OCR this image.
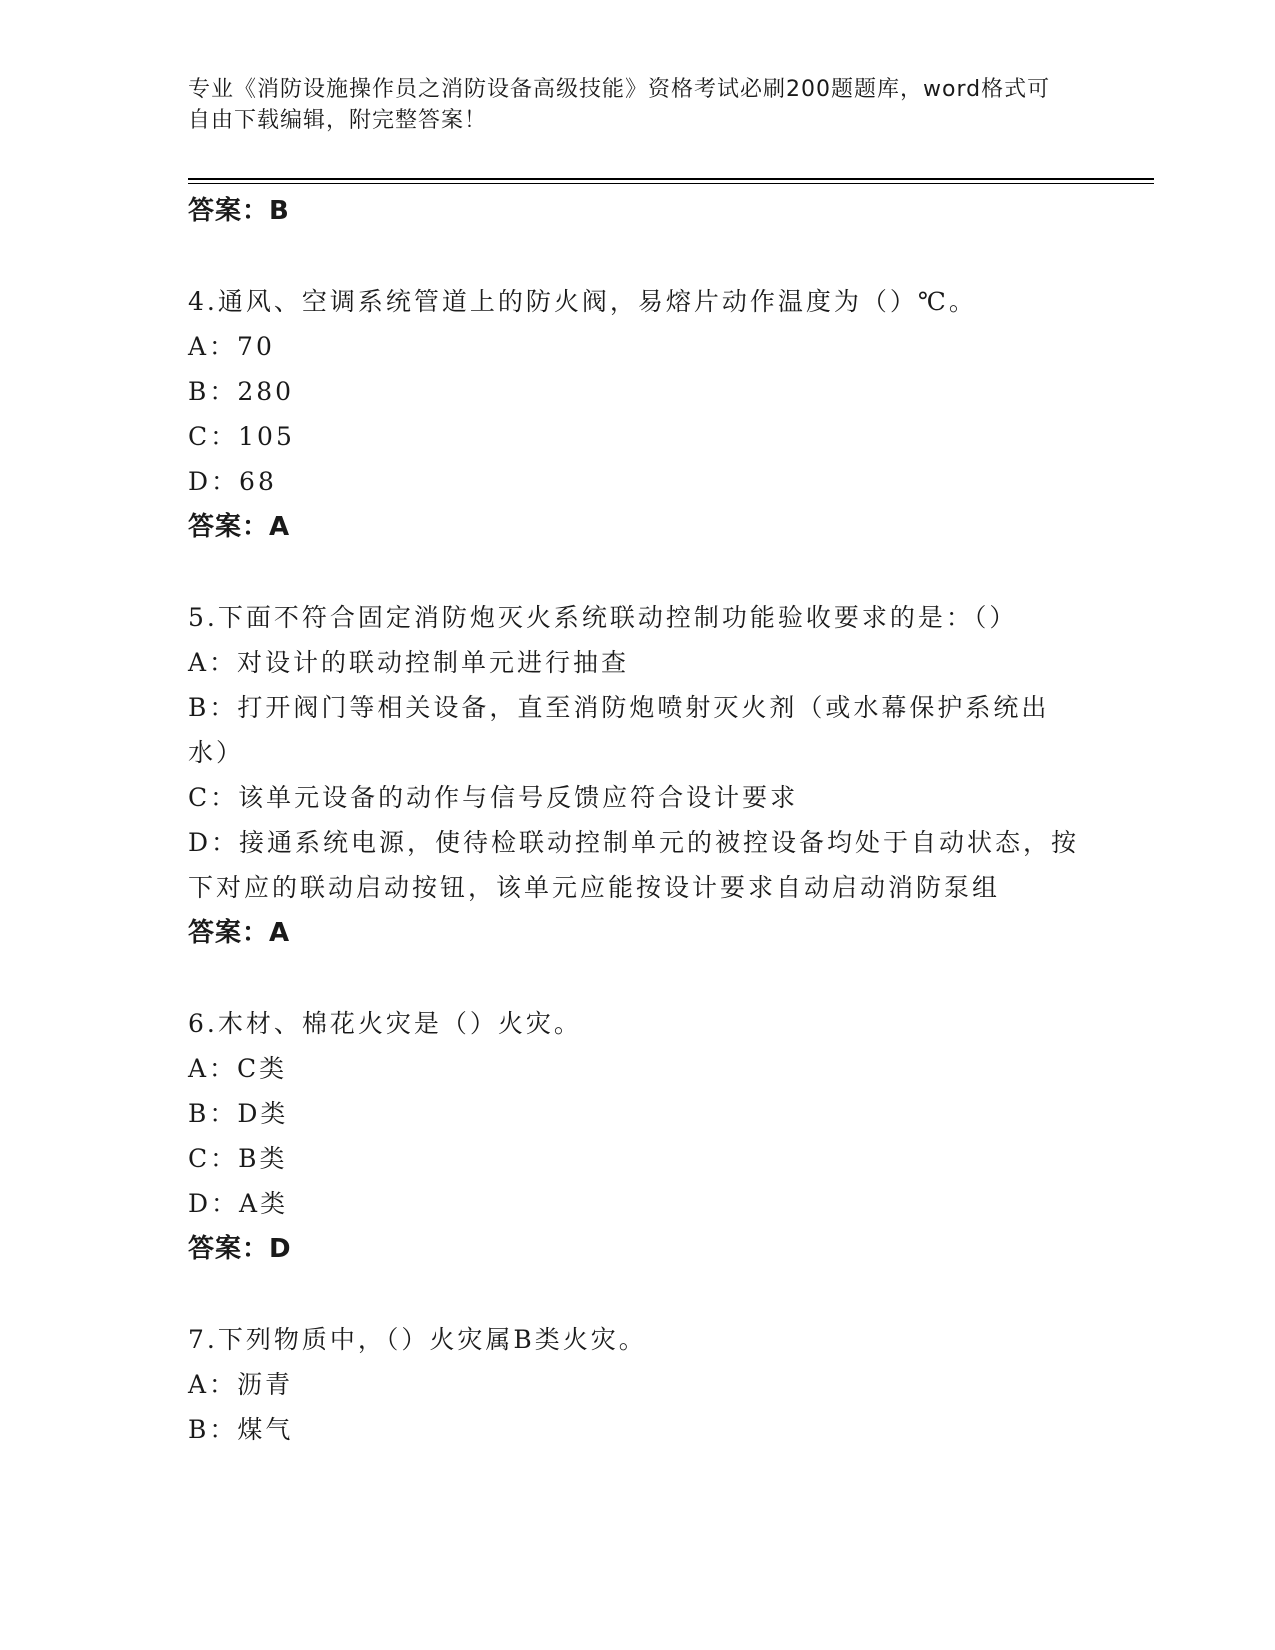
专业《消防设施操作员之消防设备高级技能》资格考试必刷200题题库，word格式可自由下载编辑，附完整答案！
答案：B
4.通风、空调系统管道上的防火阀，易熔片动作温度为（）℃。
A：70
B：280
C：105
D：68
答案：A
5.下面不符合固定消防炮灭火系统联动控制功能验收要求的是：（）
A：对设计的联动控制单元进行抽查
B：打开阀门等相关设备，直至消防炮喷射灭火剂（或水幕保护系统出水）
C：该单元设备的动作与信号反馈应符合设计要求
D：接通系统电源，使待检联动控制单元的被控设备均处于自动状态，按下对应的联动启动按钮，该单元应能按设计要求自动启动消防泵组
答案：A
6.木材、棉花火灾是（）火灾。
A：C类
B：D类
C：B类
D：A类
答案：D
7.下列物质中，（）火灾属B类火灾。
A：沥青
B：煤气
